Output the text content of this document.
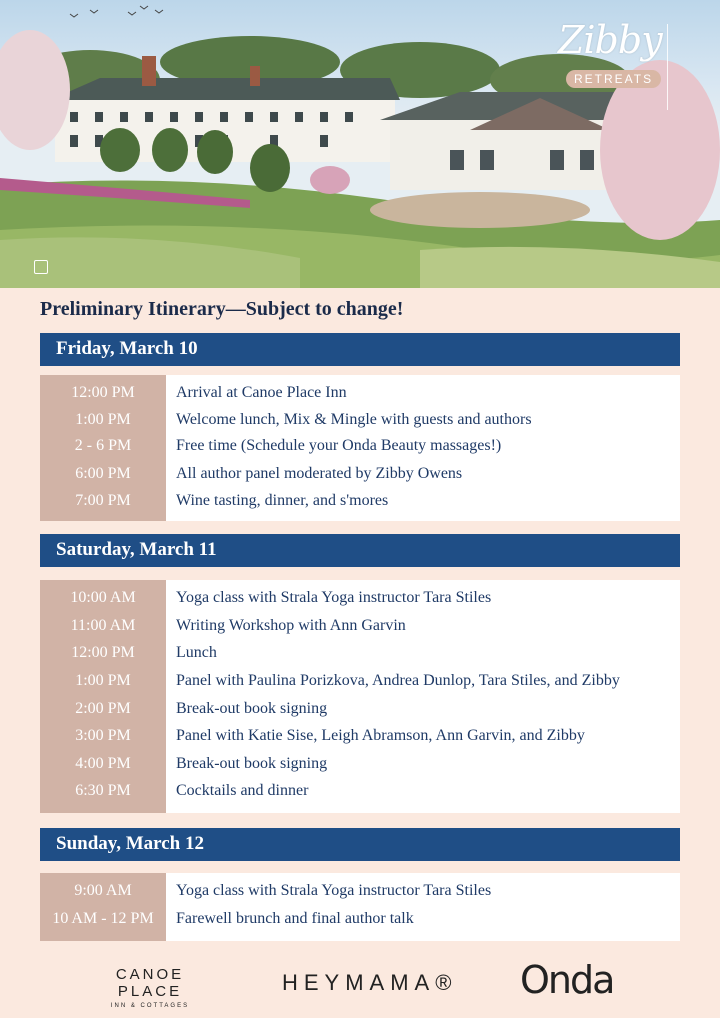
Zibby
RETREATS
Preliminary Itinerary—Subject to change!
Friday, March 10
12:00 PM	Arrival at Canoe Place Inn
1:00 PM	Welcome lunch, Mix & Mingle with guests and authors
2 - 6 PM	Free time (Schedule your Onda Beauty massages!)
6:00 PM	All author panel moderated by Zibby Owens
7:00 PM	Wine tasting, dinner, and s'mores
Saturday, March 11
10:00 AM	Yoga class with Strala Yoga instructor Tara Stiles
11:00 AM	Writing Workshop with Ann Garvin
12:00 PM	Lunch
1:00 PM	Panel with Paulina Porizkova, Andrea Dunlop, Tara Stiles, and Zibby
2:00 PM	Break-out book signing
3:00 PM	Panel with Katie Sise, Leigh Abramson, Ann Garvin, and Zibby
4:00 PM	Break-out book signing
6:30 PM	Cocktails and dinner
Sunday, March 12
9:00 AM	Yoga class with Strala Yoga instructor Tara Stiles
10 AM - 12 PM	Farewell brunch and final author talk
CANOE PLACE
INN & COTTAGES
HEYMAMA® Onda
